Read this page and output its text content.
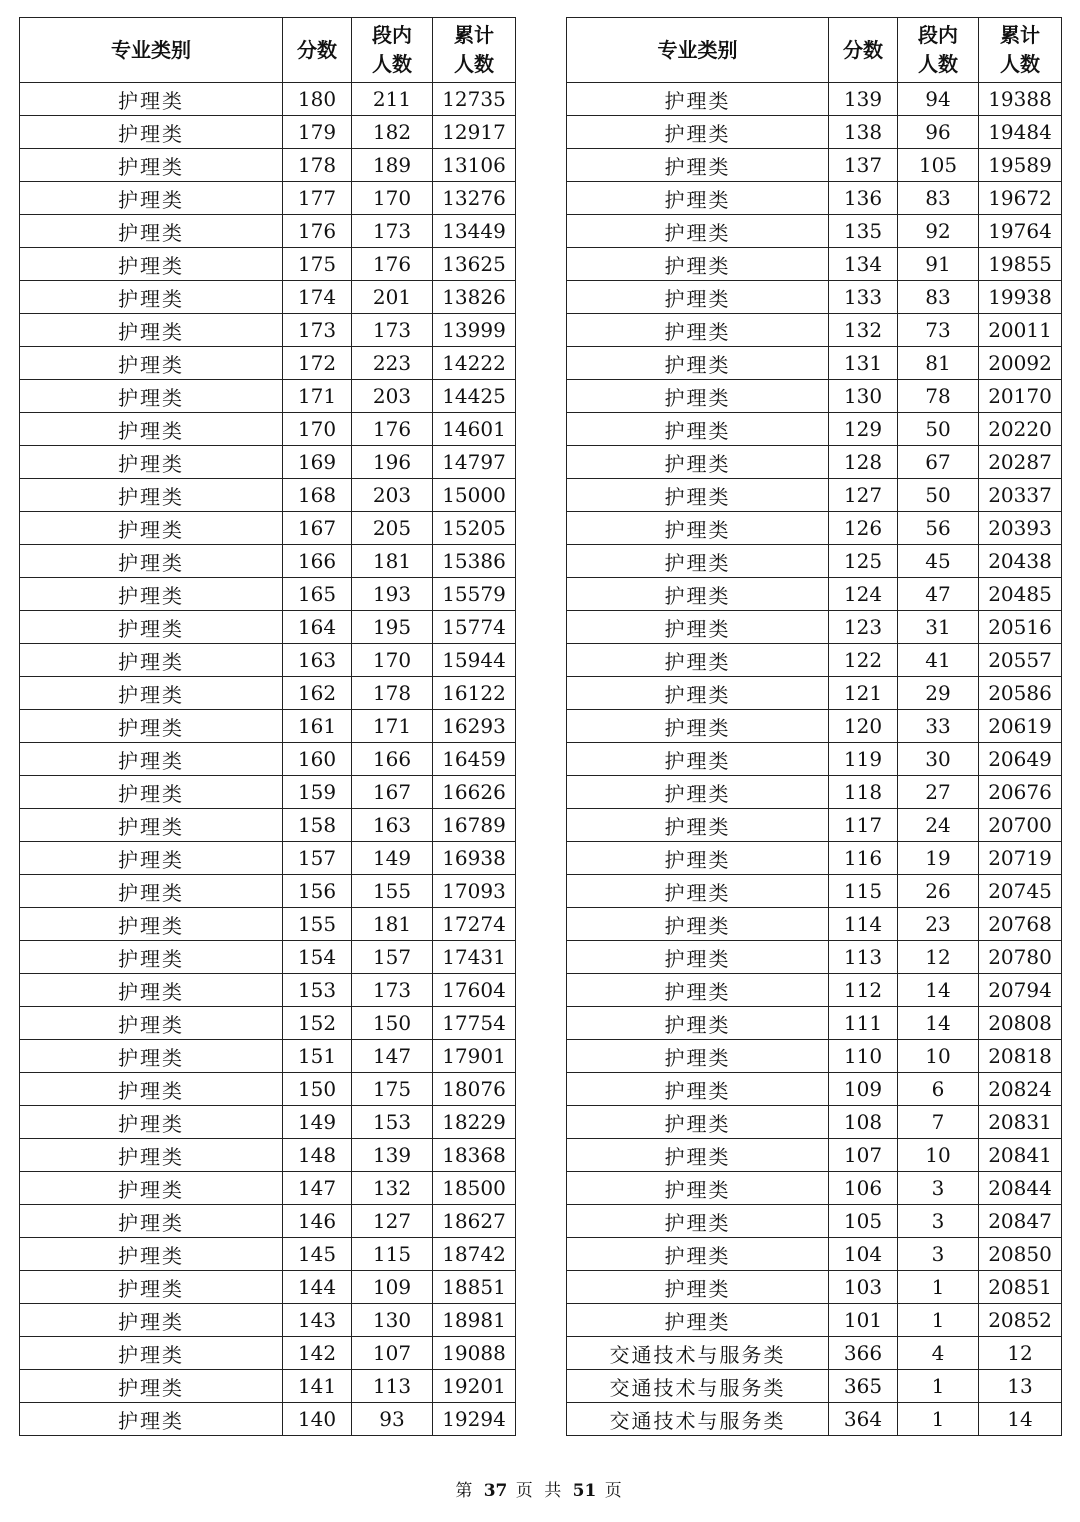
专业类别	分数	段内人数	累计人数

护理类	180	211	12735
护理类	179	182	12917
护理类	178	189	13106
护理类	177	170	13276
护理类	176	173	13449
护理类	175	176	13625
护理类	174	201	13826
护理类	173	173	13999
护理类	172	223	14222
护理类	171	203	14425
护理类	170	176	14601
护理类	169	196	14797
护理类	168	203	15000
护理类	167	205	15205
护理类	166	181	15386
护理类	165	193	15579
护理类	164	195	15774
护理类	163	170	15944
护理类	162	178	16122
护理类	161	171	16293
护理类	160	166	16459
护理类	159	167	16626
护理类	158	163	16789
护理类	157	149	16938
护理类	156	155	17093
护理类	155	181	17274
护理类	154	157	17431
护理类	153	173	17604
护理类	152	150	17754
护理类	151	147	17901
护理类	150	175	18076
护理类	149	153	18229
护理类	148	139	18368
护理类	147	132	18500
护理类	146	127	18627
护理类	145	115	18742
护理类	144	109	18851
护理类	143	130	18981
护理类	142	107	19088
护理类	141	113	19201
护理类	140	93	19294
专业类别	分数	段内人数	累计人数

护理类	139	94	19388
护理类	138	96	19484
护理类	137	105	19589
护理类	136	83	19672
护理类	135	92	19764
护理类	134	91	19855
护理类	133	83	19938
护理类	132	73	20011
护理类	131	81	20092
护理类	130	78	20170
护理类	129	50	20220
护理类	128	67	20287
护理类	127	50	20337
护理类	126	56	20393
护理类	125	45	20438
护理类	124	47	20485
护理类	123	31	20516
护理类	122	41	20557
护理类	121	29	20586
护理类	120	33	20619
护理类	119	30	20649
护理类	118	27	20676
护理类	117	24	20700
护理类	116	19	20719
护理类	115	26	20745
护理类	114	23	20768
护理类	113	12	20780
护理类	112	14	20794
护理类	111	14	20808
护理类	110	10	20818
护理类	109	6	20824
护理类	108	7	20831
护理类	107	10	20841
护理类	106	3	20844
护理类	105	3	20847
护理类	104	3	20850
护理类	103	1	20851
护理类	101	1	20852
交通技术与服务类	366	4	12
交通技术与服务类	365	1	13
交通技术与服务类	364	1	14
第 37 页 共 51 页
